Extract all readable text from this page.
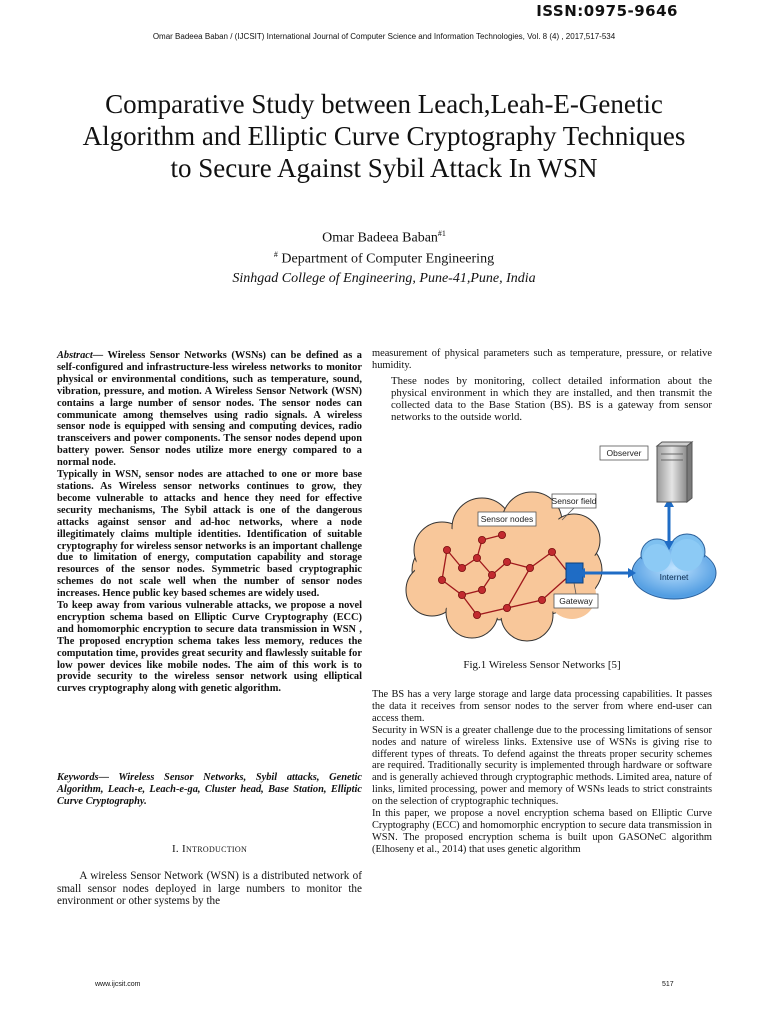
ISSN:0975-9646
Omar Badeea Baban / (IJCSIT) International Journal of Computer Science and Information Technologies, Vol. 8 (4) , 2017,517-534
Comparative Study between Leach,Leah-E-Genetic Algorithm and Elliptic Curve Cryptography Techniques to Secure Against Sybil Attack In WSN
Omar Badeea Baban$^{\#1}$
# Department of Computer Engineering
Sinhgad College of Engineering, Pune-41,Pune, India

Abstract— Wireless Sensor Networks (WSNs) can be defined as a self-configured and infrastructure-less wireless networks to monitor physical or environmental conditions, such as temperature, sound, vibration, pressure, and motion. A Wireless Sensor Network (WSN) contains a large number of sensor nodes. The sensor nodes can communicate among themselves using radio signals. A wireless sensor node is equipped with sensing and computing devices, radio transceivers and power components. The sensor nodes depend upon battery power. Sensor nodes utilize more energy compared to a normal node.

Typically in WSN, sensor nodes are attached to one or more base stations. As Wireless sensor networks continues to grow, they become vulnerable to attacks and hence they need for effective security mechanisms, The Sybil attack is one of the dangerous attacks against sensor and ad-hoc networks, where a node illegitimately claims multiple identities. Identification of suitable cryptography for wireless sensor networks is an important challenge due to limitation of energy, computation capability and storage resources of the sensor nodes. Symmetric based cryptographic schemes do not scale well when the number of sensor nodes increases. Hence public key based schemes are widely used.

To keep away from various vulnerable attacks, we propose a novel encryption schema based on Elliptic Curve Cryptography (ECC) and homomorphic encryption to secure data transmission in WSN , The proposed encryption schema takes less memory, reduces the computation time, provides great security and flawlessly suitable for low power devices like mobile nodes. The aim of this work is to provide security to the wireless sensor network using elliptical curves cryptography along with genetic algorithm.

Keywords— Wireless Sensor Networks, Sybil attacks, Genetic Algorithm, Leach-e, Leach-e-ga, Cluster head, Base Station, Elliptic Curve Cryptography.
I. Introduction
  A wireless Sensor Network (WSN) is a distributed network of small sensor nodes deployed in large numbers to monitor the environment or other systems by the

measurement of physical parameters such as temperature, pressure, or relative humidity.

These nodes by monitoring, collect detailed information about the physical environment in which they are installed, and then transmit the collected data to the Base Station (BS). BS is a gateway from sensor networks to the outside world.
Observer
Sensor field
Sensor nodes
Internet
Gateway
Fig.1 Wireless Sensor Networks [5]

The BS has a very large storage and large data processing capabilities. It passes the data it receives from sensor nodes to the server from where end-user can access them.

Security in WSN is a greater challenge due to the processing limitations of sensor nodes and nature of wireless links. Extensive use of WSNs is giving rise to different types of threats. To defend against the threats proper security schemes are required. Traditionally security is implemented through hardware or software and is generally achieved through cryptographic methods. Limited area, nature of links, limited processing, power and memory of WSNs leads to strict constraints on the selection of cryptographic techniques.

In this paper, we propose a novel encryption schema based on Elliptic Curve Cryptography (ECC) and homomorphic encryption to secure data transmission in WSN. The proposed encryption schema is built upon GASONeC algorithm (Elhoseny et al., 2014) that uses genetic algorithm

www.ijcsit.com	517
